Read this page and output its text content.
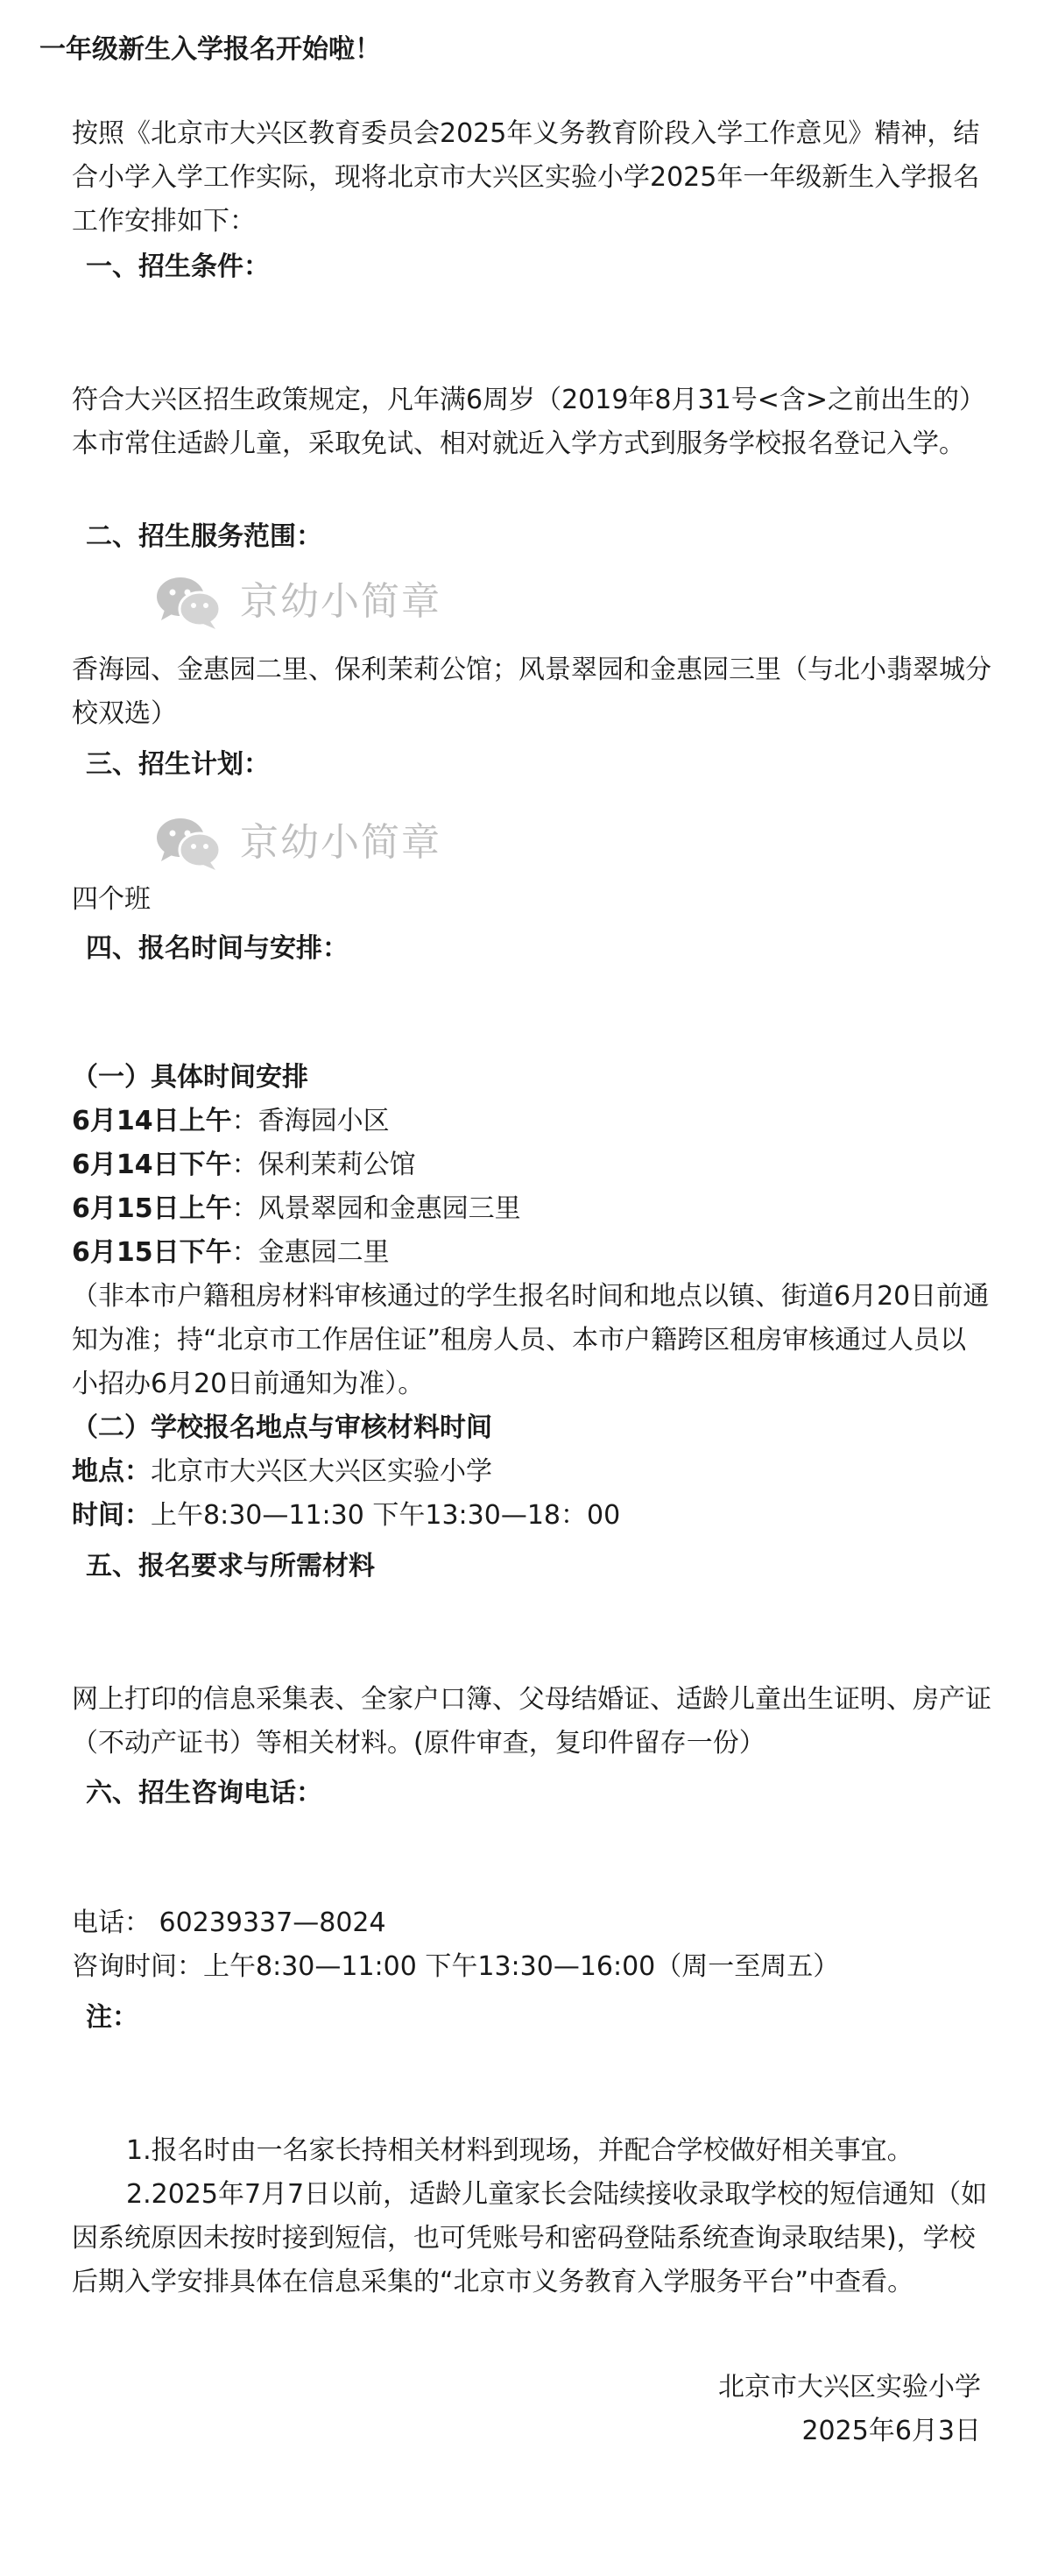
一年级新生入学报名开始啦！
按照《北京市大兴区教育委员会2025年义务教育阶段入学工作意见》精神，结合小学入学工作实际，现将北京市大兴区实验小学2025年一年级新生入学报名工作安排如下：
一、招生条件：
符合大兴区招生政策规定，凡年满6周岁（2019年8月31号<含>之前出生的）本市常住适龄儿童，采取免试、相对就近入学方式到服务学校报名登记入学。
二、招生服务范围：
京幼小简章
香海园、金惠园二里、保利茉莉公馆；风景翠园和金惠园三里（与北小翡翠城分校双选）
三、招生计划：
京幼小简章
四个班
四、报名时间与安排：
（一）具体时间安排
6月14日上午：香海园小区
6月14日下午：保利茉莉公馆
6月15日上午：风景翠园和金惠园三里
6月15日下午：金惠园二里
（非本市户籍租房材料审核通过的学生报名时间和地点以镇、街道6月20日前通知为准；持“北京市工作居住证”租房人员、本市户籍跨区租房审核通过人员以小招办6月20日前通知为准）。
（二）学校报名地点与审核材料时间
地点：北京市大兴区大兴区实验小学
时间：上午8:30—11:30 下午13:30—18：00
五、报名要求与所需材料
网上打印的信息采集表、全家户口簿、父母结婚证、适龄儿童出生证明、房产证（不动产证书）等相关材料。(原件审查，复印件留存一份）
六、招生咨询电话：
电话： 60239337—8024
咨询时间：上午8:30—11:00 下午13:30—16:00（周一至周五）
注：
1.报名时由一名家长持相关材料到现场，并配合学校做好相关事宜。
2.2025年7月7日以前，适龄儿童家长会陆续接收录取学校的短信通知（如因系统原因未按时接到短信，也可凭账号和密码登陆系统查询录取结果)，学校后期入学安排具体在信息采集的“北京市义务教育入学服务平台”中查看。
北京市大兴区实验小学
2025年6月3日
